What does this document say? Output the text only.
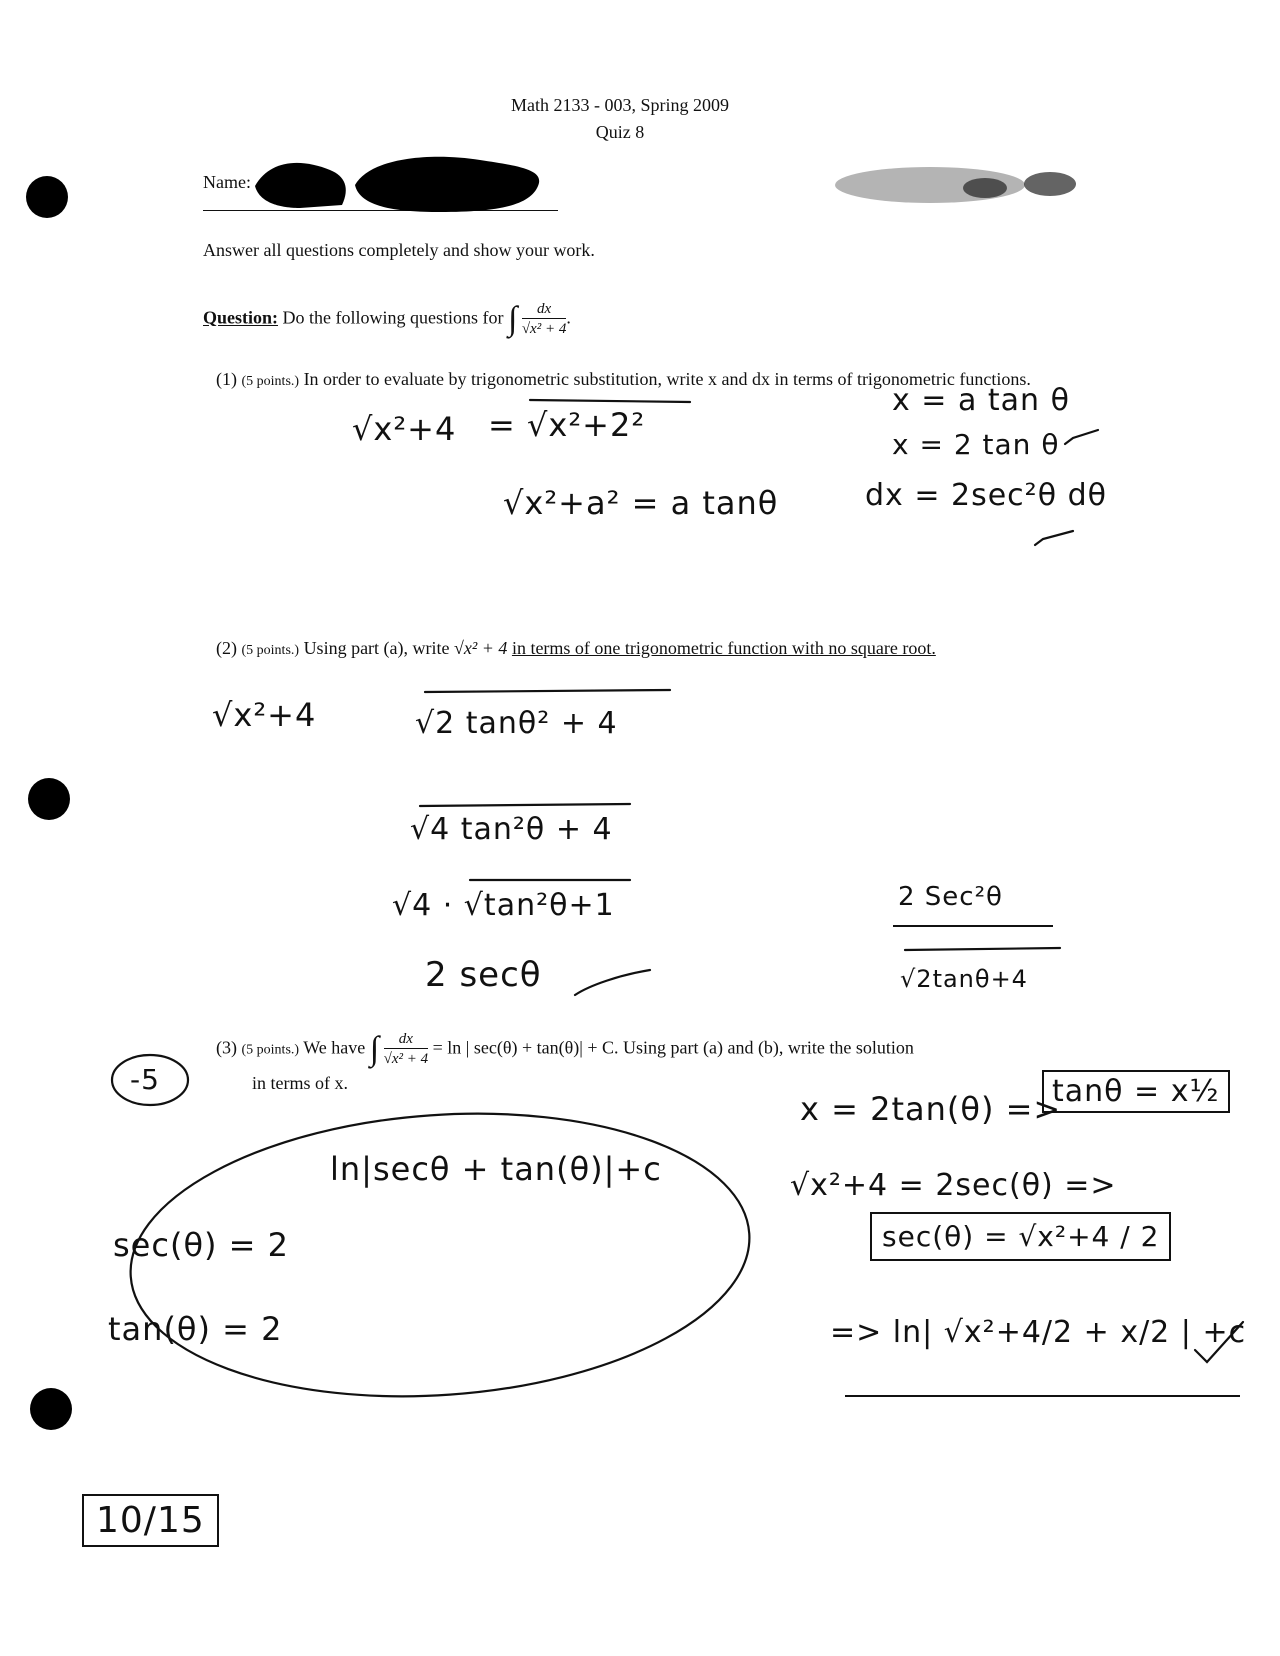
Math 2133 - 003, Spring 2009
Quiz 8
Name:
Answer all questions completely and show your work.
Question: Do the following questions for ∫ $\frac{dx}{\text{√x² + 4}}$ .
(1) (5 points.) In order to evaluate by trigonometric substitution, write x and dx in terms of trigonometric functions.
√x²+4 = √x²+2²
√x²+a² = a tanθ
x = a tan θ
x = 2 tan θ
dx = 2sec²θ dθ
(2) (5 points.) Using part (a), write √x² + 4 in terms of one trigonometric function with no square root.
√x²+4	√2 tanθ² + 4
√4 tan²θ + 4
√4 · √tan²θ+1
2 secθ
2 Sec²θ
√2tanθ+4
(3) (5 points.) We have ∫ $\frac{dx}{\text{√x² + 4}} = \ln$ | sec(θ) + tan(θ)| + C. Using part (a) and (b), write the solution
in terms of x.
-5
ln|secθ + tan(θ)|+c
sec(θ) = 2
tan(θ) = 2
x = 2tan(θ) =>
tanθ = x½
√x²+4 = 2sec(θ) =>
sec(θ) = √x²+4 / 2
=> ln| √x²+4/2 + x/2 | +c
10/15
